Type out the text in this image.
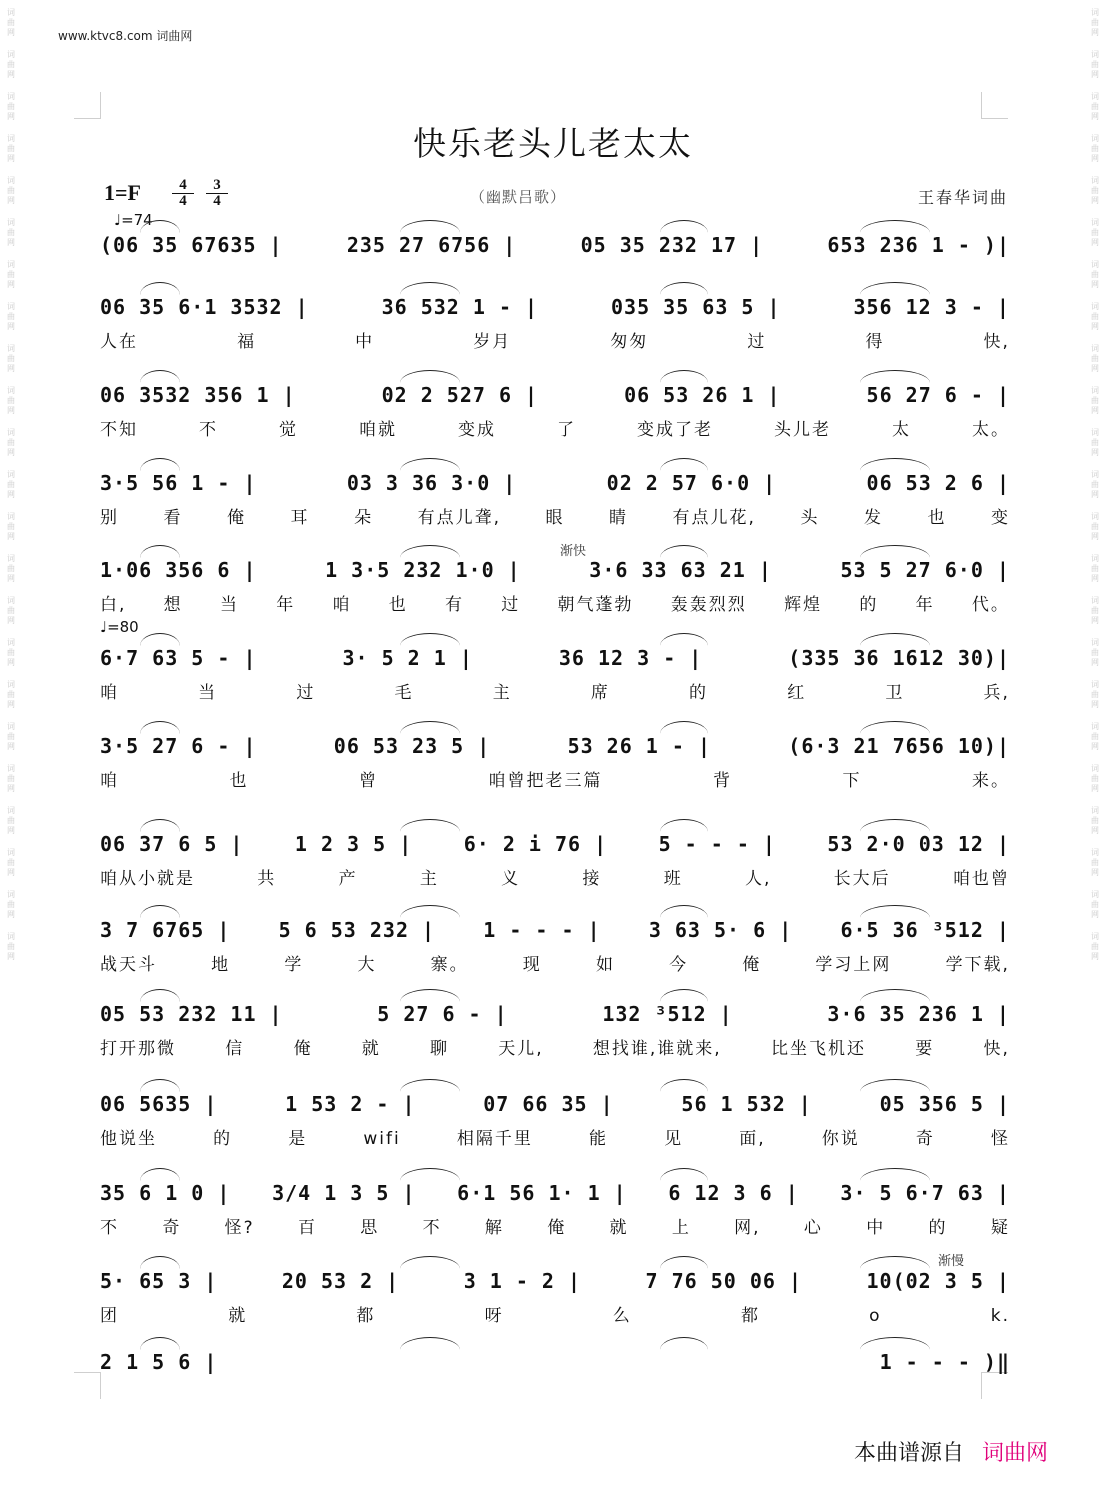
词曲网
词曲网
词曲网
词曲网
词曲网
词曲网
词曲网
词曲网
词曲网
词曲网
词曲网
词曲网
词曲网
词曲网
词曲网
词曲网
词曲网
词曲网
词曲网
词曲网
词曲网
词曲网
词曲网
词曲网
词曲网
词曲网
词曲网
词曲网
词曲网
词曲网
词曲网
词曲网
词曲网
词曲网
词曲网
词曲网
词曲网
词曲网
词曲网
词曲网
词曲网
词曲网
词曲网
词曲网
词曲网
词曲网
www.ktvc8.com 词曲网
快乐老头儿老太太
$1=F \frac{4}{4} \frac{3}{4}$	（幽默吕歌）	王春华词曲
♩=74
♩=80
渐快
渐慢
(06 35 67635 |	235 27 6756 |	05 35 232 17 |	653 236 1 - )|
06 35 6·1 3532 |	36 532 1 - |	035 35 63 5 |	356 12 3 - |
人在	福	中	岁月	匆匆	过	得	快,
06 3532 356 1 |	02 2 527 6 |	06 53 26 1 |	56 27 6 - |
不知	不	觉	咱就	变成	了	变成了老	头儿老	太	太。
3·5 56 1 - |	03 3 36 3·0 |	02 2 57 6·0 |	06 53 2 6 |
别	看	俺	耳	朵	有点儿聋,	眼	睛	有点儿花,	头	发	也	变
1·06 356 6 |	1 3·5 232 1·0 |	3·6 33 63 21 |	53 5 27 6·0 |
白, 想 当 年 咱 也 有 过 朝气蓬勃 轰轰烈烈 辉煌 的 年 代。
6·7 63 5 - |	3· 5 2 1 |	36 12 3 - |	(335 36 1612 30)|
咱	当	过	毛	主	席	的	红	卫	兵,
3·5 27 6 - |	06 53 23 5 |	53 26 1 - |	(6·3 21 7656 10)|
咱	也	曾	咱曾把老三篇	背	下	来。
06 37 6 5 |	1 2 3 5 |	6· 2 i 76 |	5 - - - |	53 2·0 03 12 |
咱从小就是	共	产	主	义	接	班	人,	长大后	咱也曾
3 7 6765 | 5 6 53 232 | 1 - - - | 3 63 5· 6 | 6·5 36 ³512 |
战天斗	地	学	大	寨。	现	如	今	俺	学习上网	学下载,
05 53 232 11 |	5 27 6 - |	132 ³512 |	3·6 35 236 1 |
打开那微	信	俺	就	聊	天儿,	想找谁,谁就来,	比坐飞机还	要	快,
06 5635 |	1 53 2 - |	07 66 35 |	56 1 532 |	05 356 5 |
他说坐	的	是	wifi	相隔千里	能	见	面,	你说	奇	怪
35 6 1 0 | 3/4 1 3 5 | 6·1 56 1· 1 | 6 12 3 6 | 3· 5 6·7 63 |
不	奇	怪?	百	思	不	解	俺	就	上	网,	心	中	的	疑
5· 65 3 |	20 53 2 |	3 1 - 2 |	7 76 50 06 |	10(02 3 5 |
团	就	都	呀	么	都	o	k.
2 1 5 6 |	1 - - - )‖
本曲谱源自 词曲网
